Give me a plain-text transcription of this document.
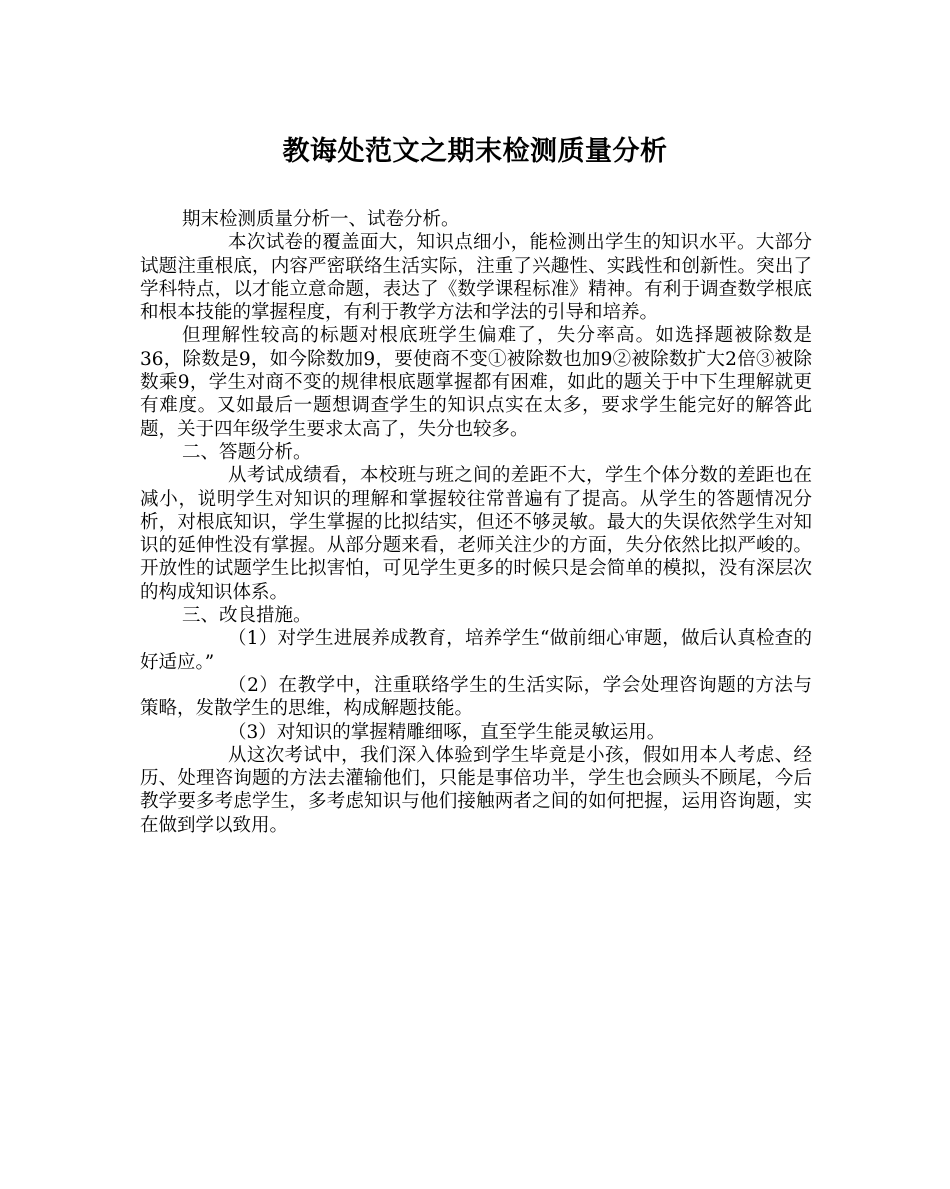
教诲处范文之期末检测质量分析

期末检测质量分析一、试卷分析。

本次试卷的覆盖面大，知识点细小，能检测出学生的知识水平。大部分试题注重根底，内容严密联络生活实际，注重了兴趣性、实践性和创新性。突出了学科特点，以才能立意命题，表达了《数学课程标准》精神。有利于调查数学根底和根本技能的掌握程度，有利于教学方法和学法的引导和培养。

但理解性较高的标题对根底班学生偏难了，失分率高。如选择题被除数是36，除数是9，如今除数加9，要使商不变①被除数也加9②被除数扩大2倍③被除数乘9，学生对商不变的规律根底题掌握都有困难，如此的题关于中下生理解就更有难度。又如最后一题想调查学生的知识点实在太多，要求学生能完好的解答此题，关于四年级学生要求太高了，失分也较多。

二、答题分析。

从考试成绩看，本校班与班之间的差距不大，学生个体分数的差距也在减小，说明学生对知识的理解和掌握较往常普遍有了提高。从学生的答题情况分析，对根底知识，学生掌握的比拟结实，但还不够灵敏。最大的失误依然学生对知识的延伸性没有掌握。从部分题来看，老师关注少的方面，失分依然比拟严峻的。开放性的试题学生比拟害怕，可见学生更多的时候只是会简单的模拟，没有深层次的构成知识体系。

三、改良措施。

（1）对学生进展养成教育，培养学生“做前细心审题，做后认真检查的好适应。”

（2）在教学中，注重联络学生的生活实际，学会处理咨询题的方法与策略，发散学生的思维，构成解题技能。

（3）对知识的掌握精雕细啄，直至学生能灵敏运用。

从这次考试中，我们深入体验到学生毕竟是小孩，假如用本人考虑、经历、处理咨询题的方法去灌输他们，只能是事倍功半，学生也会顾头不顾尾，今后教学要多考虑学生，多考虑知识与他们接触两者之间的如何把握，运用咨询题，实在做到学以致用。
